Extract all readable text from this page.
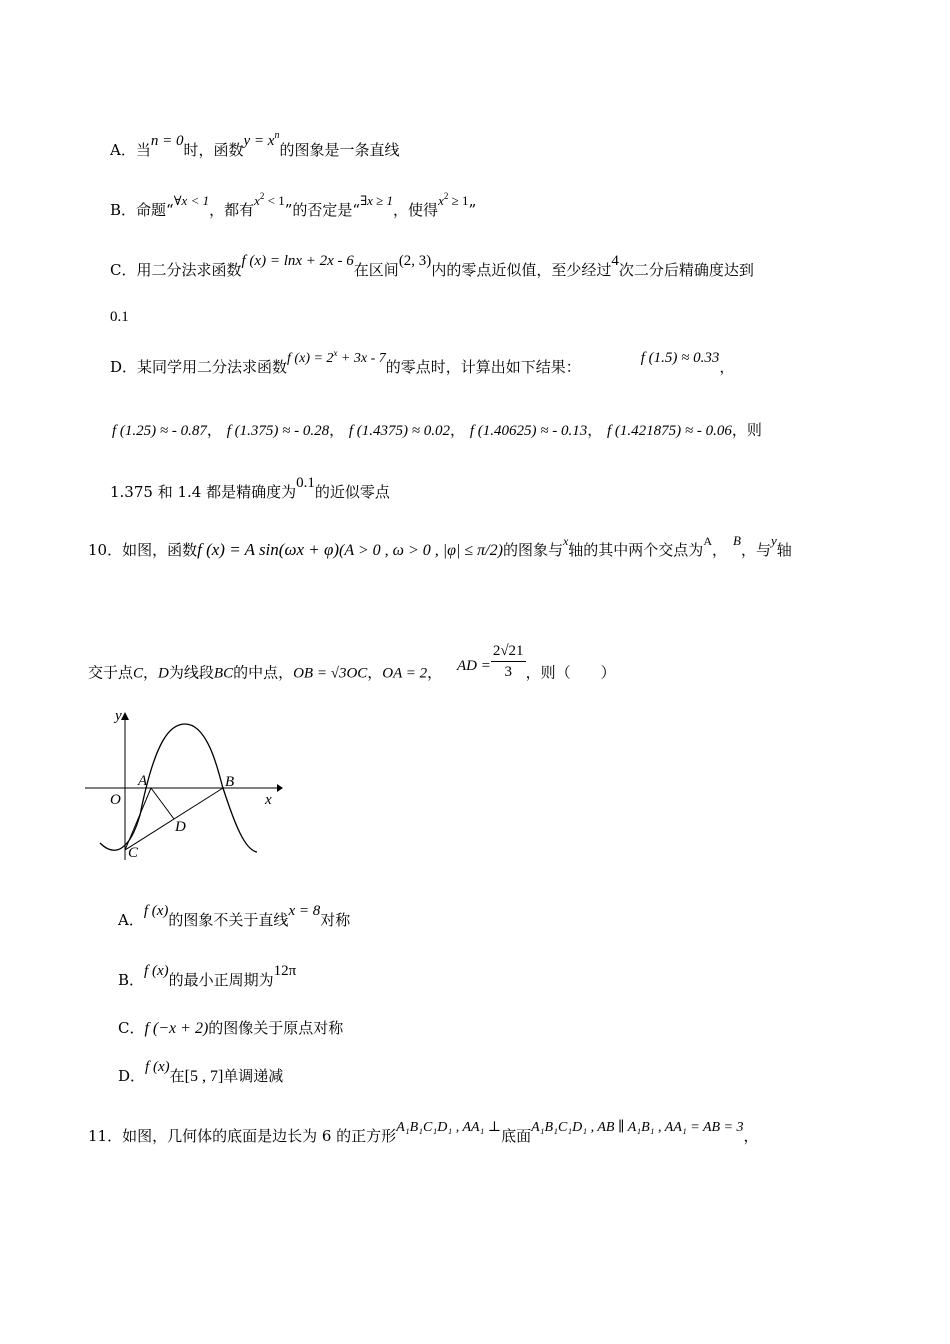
A．当n = 0时，函数$y = x^n$的图象是一条直线
B．命题“∀x < 1，都有$x^2 < 1$”的否定是“∃x ≥ 1，使得$x^2 \ge 1$”
C．用二分法求函数f (x) = lnx + 2x - 6在区间(2, 3)内的零点近似值，至少经过4次二分后精确度达到
0.1
D．某同学用二分法求函数f $(x) = 2^x + 3x - 7$的零点时，计算出如下结果：	f (1.5) ≈ 0.33，
f (1.25) ≈ - 0.87， f (1.375) ≈ - 0.28， f (1.4375) ≈ 0.02， f (1.40625) ≈ - 0.13， f (1.421875) ≈ - 0.06，则
1.375 和 1.4 都是精确度为0.1的近似零点
10．如图，函数f (x) = A sin(ωx + φ)(A > 0 , ω > 0 , |φ| ≤ π/2)的图象与$^x$轴的其中两个交点为$^A$，B，与y轴
交于点C，D为线段BC的中点，OB = √3OC，OA = 2， AD = $\frac{2√21}{3}$ ，则（　　）
y
x
O
A	B
C
D
A．f (x)的图象不关于直线x = 8对称
B．f (x)的最小正周期为12π
C．f (−x + 2)的图像关于原点对称
D．f (x)在[5 , 7]单调递减
11．如图，几何体的底面是边长为 6 的正方形A₁B₁C₁D₁ , AA₁ ⊥底面A₁B₁C₁D₁ , AB ∥ A₁B₁ , AA₁ = AB = 3，
